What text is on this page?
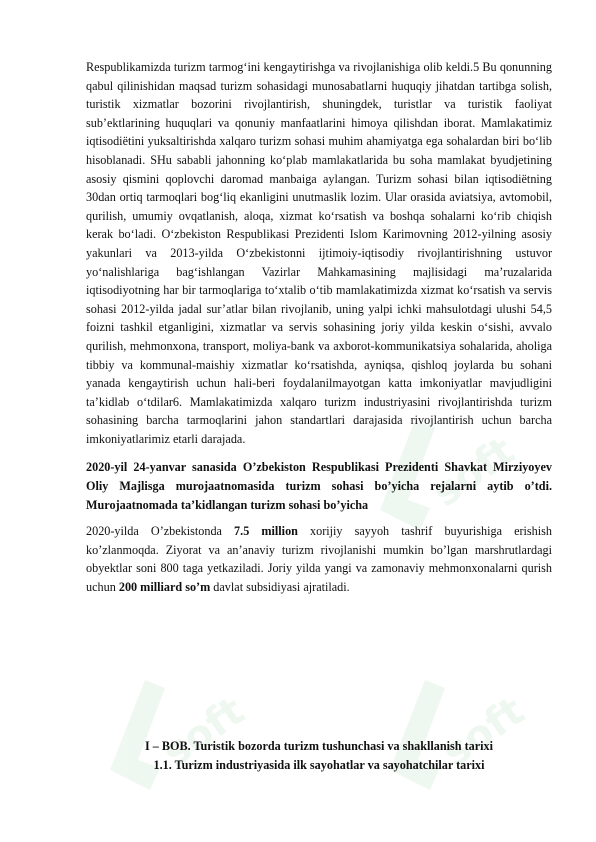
soft
soft	soft

Respublikamizda turizm tarmog‘ini kengaytirishga va rivojlanishiga olib keldi.5 Bu qonunning qabul qilinishidan maqsad turizm sohasidagi munosabatlarni huquqiy jihatdan tartibga solish, turistik xizmatlar bozorini rivojlantirish, shuningdek, turistlar va turistik faoliyat sub’ektlarining huquqlari va qonuniy manfaatlarini himoya qilishdan iborat. Mamlakatimiz iqtisodiëtini yuksaltirishda xalqaro turizm sohasi muhim ahamiyatga ega sohalardan biri bo‘lib hisoblanadi. SHu sababli jahonning ko‘plab mamlakatlarida bu soha mamlakat byudjetining asosiy qismini qoplovchi daromad manbaiga aylangan. Turizm sohasi bilan iqtisodiëtning 30dan ortiq tarmoqlari bog‘liq ekanligini unutmaslik lozim. Ular orasida aviatsiya, avtomobil, qurilish, umumiy ovqatlanish, aloqa, xizmat ko‘rsatish va boshqa sohalarni ko‘rib chiqish kerak bo‘ladi. O‘zbekiston Respublikasi Prezidenti Islom Karimovning 2012-yilning asosiy yakunlari va 2013-yilda O‘zbekistonni ijtimoiy-iqtisodiy rivojlantirishning ustuvor yo‘nalishlariga bag‘ishlangan Vazirlar Mahkamasining majlisidagi ma’ruzalarida iqtisodiyotning har bir tarmoqlariga to‘xtalib o‘tib mamlakatimizda xizmat ko‘rsatish va servis sohasi 2012-yilda jadal sur’atlar bilan rivojlanib, uning yalpi ichki mahsulotdagi ulushi 54,5 foizni tashkil etganligini, xizmatlar va servis sohasining joriy yilda keskin o‘sishi, avvalo qurilish, mehmonxona, transport, moliya-bank va axborot-kommunikatsiya sohalarida, aholiga tibbiy va kommunal-maishiy xizmatlar ko‘rsatishda, ayniqsa, qishloq joylarda bu sohani yanada kengaytirish uchun hali-beri foydalanilmayotgan katta imkoniyatlar mavjudligini ta’kidlab o‘tdilar6. Mamlakatimizda xalqaro turizm industriyasini rivojlantirishda turizm sohasining barcha tarmoqlarini jahon standartlari darajasida rivojlantirish uchun barcha imkoniyatlarimiz etarli darajada.

2020-yil 24-yanvar sanasida O’zbekiston Respublikasi Prezidenti Shavkat Mirziyoyev Oliy Majlisga murojaatnomasida turizm sohasi bo’yicha rejalarni aytib o’tdi. Murojaatnomada ta’kidlangan turizm sohasi bo’yicha

2020-yilda O’zbekistonda 7.5 million xorijiy sayyoh tashrif buyurishiga erishish ko’zlanmoqda. Ziyorat va an’anaviy turizm rivojlanishi mumkin bo’lgan marshrutlardagi obyektlar soni 800 taga yetkaziladi. Joriy yilda yangi va zamonaviy mehmonxonalarni qurish uchun 200 milliard so’m davlat subsidiyasi ajratiladi.

I – BOB. Turistik bozorda turizm tushunchasi va shakllanish tarixi
1.1. Turizm industriyasida ilk sayohatlar va sayohatchilar tarixi
